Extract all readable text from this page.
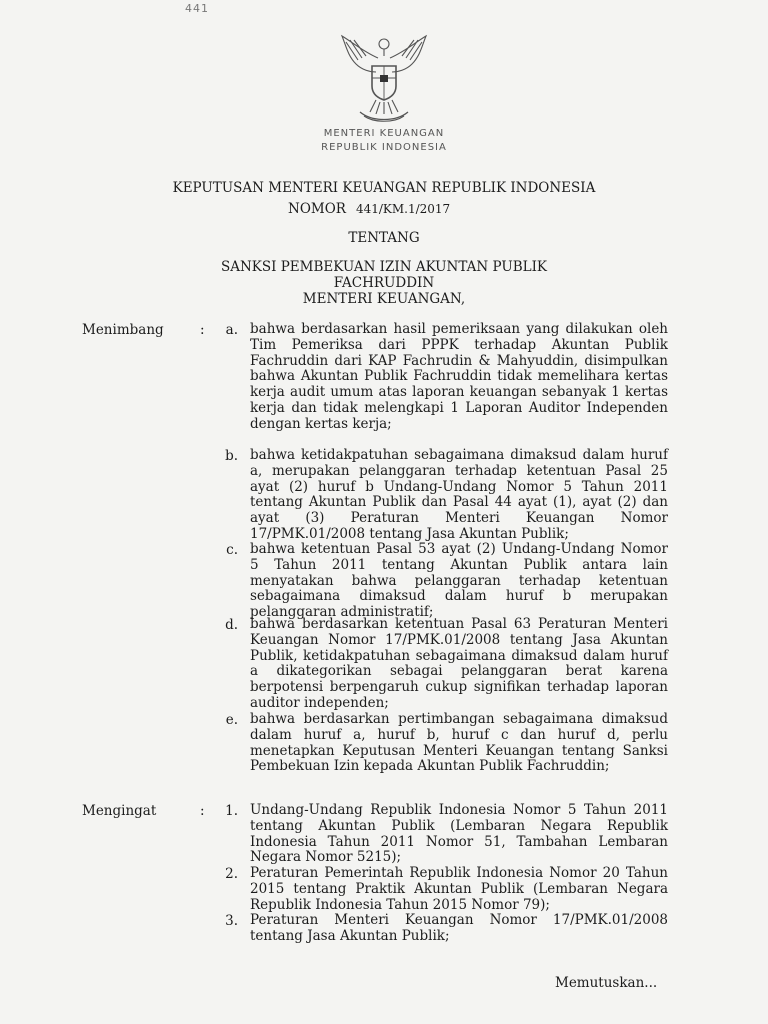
441
MENTERI KEUANGAN
REPUBLIK INDONESIA
KEPUTUSAN MENTERI KEUANGAN REPUBLIK INDONESIA
NOMOR 441/KM.1/2017
TENTANG
SANKSI PEMBEKUAN IZIN AKUNTAN PUBLIK
FACHRUDDIN
MENTERI KEUANGAN,
Menimbang	:	a. bahwa berdasarkan hasil pemeriksaan yang dilakukan oleh Tim Pemeriksa dari PPPK terhadap Akuntan Publik Fachruddin dari KAP Fachrudin & Mahyuddin, disimpulkan bahwa Akuntan Publik Fachruddin tidak memelihara kertas kerja audit umum atas laporan keuangan sebanyak 1 kertas kerja dan tidak melengkapi 1 Laporan Auditor Independen dengan kertas kerja;
b. bahwa ketidakpatuhan sebagaimana dimaksud dalam huruf a, merupakan pelanggaran terhadap ketentuan Pasal 25 ayat (2) huruf b Undang-Undang Nomor 5 Tahun 2011 tentang Akuntan Publik dan Pasal 44 ayat (1), ayat (2) dan ayat (3) Peraturan Menteri Keuangan Nomor 17/PMK.01/2008 tentang Jasa Akuntan Publik;
c. bahwa ketentuan Pasal 53 ayat (2) Undang-Undang Nomor 5 Tahun 2011 tentang Akuntan Publik antara lain menyatakan bahwa pelanggaran terhadap ketentuan sebagaimana dimaksud dalam huruf b merupakan pelanggaran administratif;
d. bahwa berdasarkan ketentuan Pasal 63 Peraturan Menteri Keuangan Nomor 17/PMK.01/2008 tentang Jasa Akuntan Publik, ketidakpatuhan sebagaimana dimaksud dalam huruf a dikategorikan sebagai pelanggaran berat karena berpotensi berpengaruh cukup signifikan terhadap laporan auditor independen;
e. bahwa berdasarkan pertimbangan sebagaimana dimaksud dalam huruf a, huruf b, huruf c dan huruf d, perlu menetapkan Keputusan Menteri Keuangan tentang Sanksi Pembekuan Izin kepada Akuntan Publik Fachruddin;
Mengingat	:	1. Undang-Undang Republik Indonesia Nomor 5 Tahun 2011 tentang Akuntan Publik (Lembaran Negara Republik Indonesia Tahun 2011 Nomor 51, Tambahan Lembaran Negara Nomor 5215);
2. Peraturan Pemerintah Republik Indonesia Nomor 20 Tahun 2015 tentang Praktik Akuntan Publik (Lembaran Negara Republik Indonesia Tahun 2015 Nomor 79);
3. Peraturan Menteri Keuangan Nomor 17/PMK.01/2008 tentang Jasa Akuntan Publik;
Memutuskan...
